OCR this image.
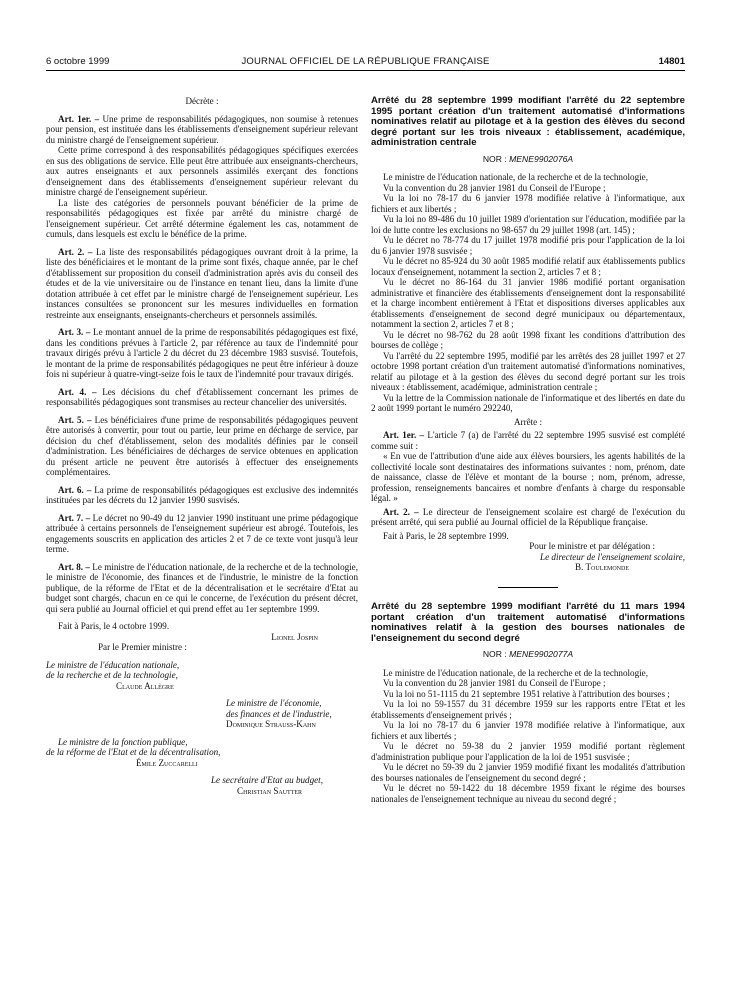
6 octobre 1999	JOURNAL OFFICIEL DE LA RÉPUBLIQUE FRANÇAISE	14801

Décrète :

Art. 1er. – Une prime de responsabilités pédagogiques, non soumise à retenues pour pension, est instituée dans les établissements d'enseignement supérieur relevant du ministre chargé de l'enseignement supérieur.

Cette prime correspond à des responsabilités pédagogiques spécifiques exercées en sus des obligations de service. Elle peut être attribuée aux enseignants-chercheurs, aux autres enseignants et aux personnels assimilés exerçant des fonctions d'enseignement dans des établissements d'enseignement supérieur relevant du ministre chargé de l'enseignement supérieur.

La liste des catégories de personnels pouvant bénéficier de la prime de responsabilités pédagogiques est fixée par arrêté du ministre chargé de l'enseignement supérieur. Cet arrêté détermine également les cas, notamment de cumuls, dans lesquels est exclu le bénéfice de la prime.

Art. 2. – La liste des responsabilités pédagogiques ouvrant droit à la prime, la liste des bénéficiaires et le montant de la prime sont fixés, chaque année, par le chef d'établissement sur proposition du conseil d'administration après avis du conseil des études et de la vie universitaire ou de l'instance en tenant lieu, dans la limite d'une dotation attribuée à cet effet par le ministre chargé de l'enseignement supérieur. Les instances consultées se prononcent sur les mesures individuelles en formation restreinte aux enseignants, enseignants-chercheurs et personnels assimilés.

Art. 3. – Le montant annuel de la prime de responsabilités pédagogiques est fixé, dans les conditions prévues à l'article 2, par référence au taux de l'indemnité pour travaux dirigés prévu à l'article 2 du décret du 23 décembre 1983 susvisé. Toutefois, le montant de la prime de responsabilités pédagogiques ne peut être inférieur à douze fois ni supérieur à quatre-vingt-seize fois le taux de l'indemnité pour travaux dirigés.

Art. 4. – Les décisions du chef d'établissement concernant les primes de responsabilités pédagogiques sont transmises au recteur chancelier des universités.

Art. 5. – Les bénéficiaires d'une prime de responsabilités pédagogiques peuvent être autorisés à convertir, pour tout ou partie, leur prime en décharge de service, par décision du chef d'établissement, selon des modalités définies par le conseil d'administration. Les bénéficiaires de décharges de service obtenues en application du présent article ne peuvent être autorisés à effectuer des enseignements complémentaires.

Art. 6. – La prime de responsabilités pédagogiques est exclusive des indemnités instituées par les décrets du 12 janvier 1990 susvisés.

Art. 7. – Le décret no 90-49 du 12 janvier 1990 instituant une prime pédagogique attribuée à certains personnels de l'enseignement supérieur est abrogé. Toutefois, les engagements souscrits en application des articles 2 et 7 de ce texte vont jusqu'à leur terme.

Art. 8. – Le ministre de l'éducation nationale, de la recherche et de la technologie, le ministre de l'économie, des finances et de l'industrie, le ministre de la fonction publique, de la réforme de l'Etat et de la décentralisation et le secrétaire d'Etat au budget sont chargés, chacun en ce qui le concerne, de l'exécution du présent décret, qui sera publié au Journal officiel et qui prend effet au 1er septembre 1999.

Fait à Paris, le 4 octobre 1999.

Lionel Jospin

Par le Premier ministre :

Le ministre de l'éducation nationale,

de la recherche et de la technologie,

Claude Allègre

Le ministre de l'économie,

des finances et de l'industrie,

Dominique Strauss-Kahn

Le ministre de la fonction publique,

de la réforme de l'Etat et de la décentralisation,

Émile Zuccarelli

Le secrétaire d'Etat au budget,

Christian Sautter

Arrêté du 28 septembre 1999 modifiant l'arrêté du 22 septembre 1995 portant création d'un traitement automatisé d'informations nominatives relatif au pilotage et à la gestion des élèves du second degré portant sur les trois niveaux : établissement, académique, administration centrale

NOR : MENE9902076A

Le ministre de l'éducation nationale, de la recherche et de la technologie,

Vu la convention du 28 janvier 1981 du Conseil de l'Europe ;

Vu la loi no 78-17 du 6 janvier 1978 modifiée relative à l'informatique, aux fichiers et aux libertés ;

Vu la loi no 89-486 du 10 juillet 1989 d'orientation sur l'éducation, modifiée par la loi de lutte contre les exclusions no 98-657 du 29 juillet 1998 (art. 145) ;

Vu le décret no 78-774 du 17 juillet 1978 modifié pris pour l'application de la loi du 6 janvier 1978 susvisée ;

Vu le décret no 85-924 du 30 août 1985 modifié relatif aux établissements publics locaux d'enseignement, notamment la section 2, articles 7 et 8 ;

Vu le décret no 86-164 du 31 janvier 1986 modifié portant organisation administrative et financière des établissements d'enseignement dont la responsabilité et la charge incombent entièrement à l'Etat et dispositions diverses applicables aux établissements d'enseignement de second degré municipaux ou départementaux, notamment la section 2, articles 7 et 8 ;

Vu le décret no 98-762 du 28 août 1998 fixant les conditions d'attribution des bourses de collège ;

Vu l'arrêté du 22 septembre 1995, modifié par les arrêtés des 28 juillet 1997 et 27 octobre 1998 portant création d'un traitement automatisé d'informations nominatives, relatif au pilotage et à la gestion des élèves du second degré portant sur les trois niveaux : établissement, académique, administration centrale ;

Vu la lettre de la Commission nationale de l'informatique et des libertés en date du 2 août 1999 portant le numéro 292240,

Arrête :

Art. 1er. – L'article 7 (a) de l'arrêté du 22 septembre 1995 susvisé est complété comme suit :

« En vue de l'attribution d'une aide aux élèves boursiers, les agents habilités de la collectivité locale sont destinataires des informations suivantes : nom, prénom, date de naissance, classe de l'élève et montant de la bourse ; nom, prénom, adresse, profession, renseignements bancaires et nombre d'enfants à charge du responsable légal. »

Art. 2. – Le directeur de l'enseignement scolaire est chargé de l'exécution du présent arrêté, qui sera publié au Journal officiel de la République française.

Fait à Paris, le 28 septembre 1999.

Pour le ministre et par délégation :

Le directeur de l'enseignement scolaire,

B. Toulemonde

Arrêté du 28 septembre 1999 modifiant l'arrêté du 11 mars 1994 portant création d'un traitement automatisé d'informations nominatives relatif à la gestion des bourses nationales de l'enseignement du second degré

NOR : MENE9902077A

Le ministre de l'éducation nationale, de la recherche et de la technologie,

Vu la convention du 28 janvier 1981 du Conseil de l'Europe ;

Vu la loi no 51-1115 du 21 septembre 1951 relative à l'attribution des bourses ;

Vu la loi no 59-1557 du 31 décembre 1959 sur les rapports entre l'Etat et les établissements d'enseignement privés ;

Vu la loi no 78-17 du 6 janvier 1978 modifiée relative à l'informatique, aux fichiers et aux libertés ;

Vu le décret no 59-38 du 2 janvier 1959 modifié portant règlement d'administration publique pour l'application de la loi de 1951 susvisée ;

Vu le décret no 59-39 du 2 janvier 1959 modifié fixant les modalités d'attribution des bourses nationales de l'enseignement du second degré ;

Vu le décret no 59-1422 du 18 décembre 1959 fixant le régime des bourses nationales de l'enseignement technique au niveau du second degré ;
